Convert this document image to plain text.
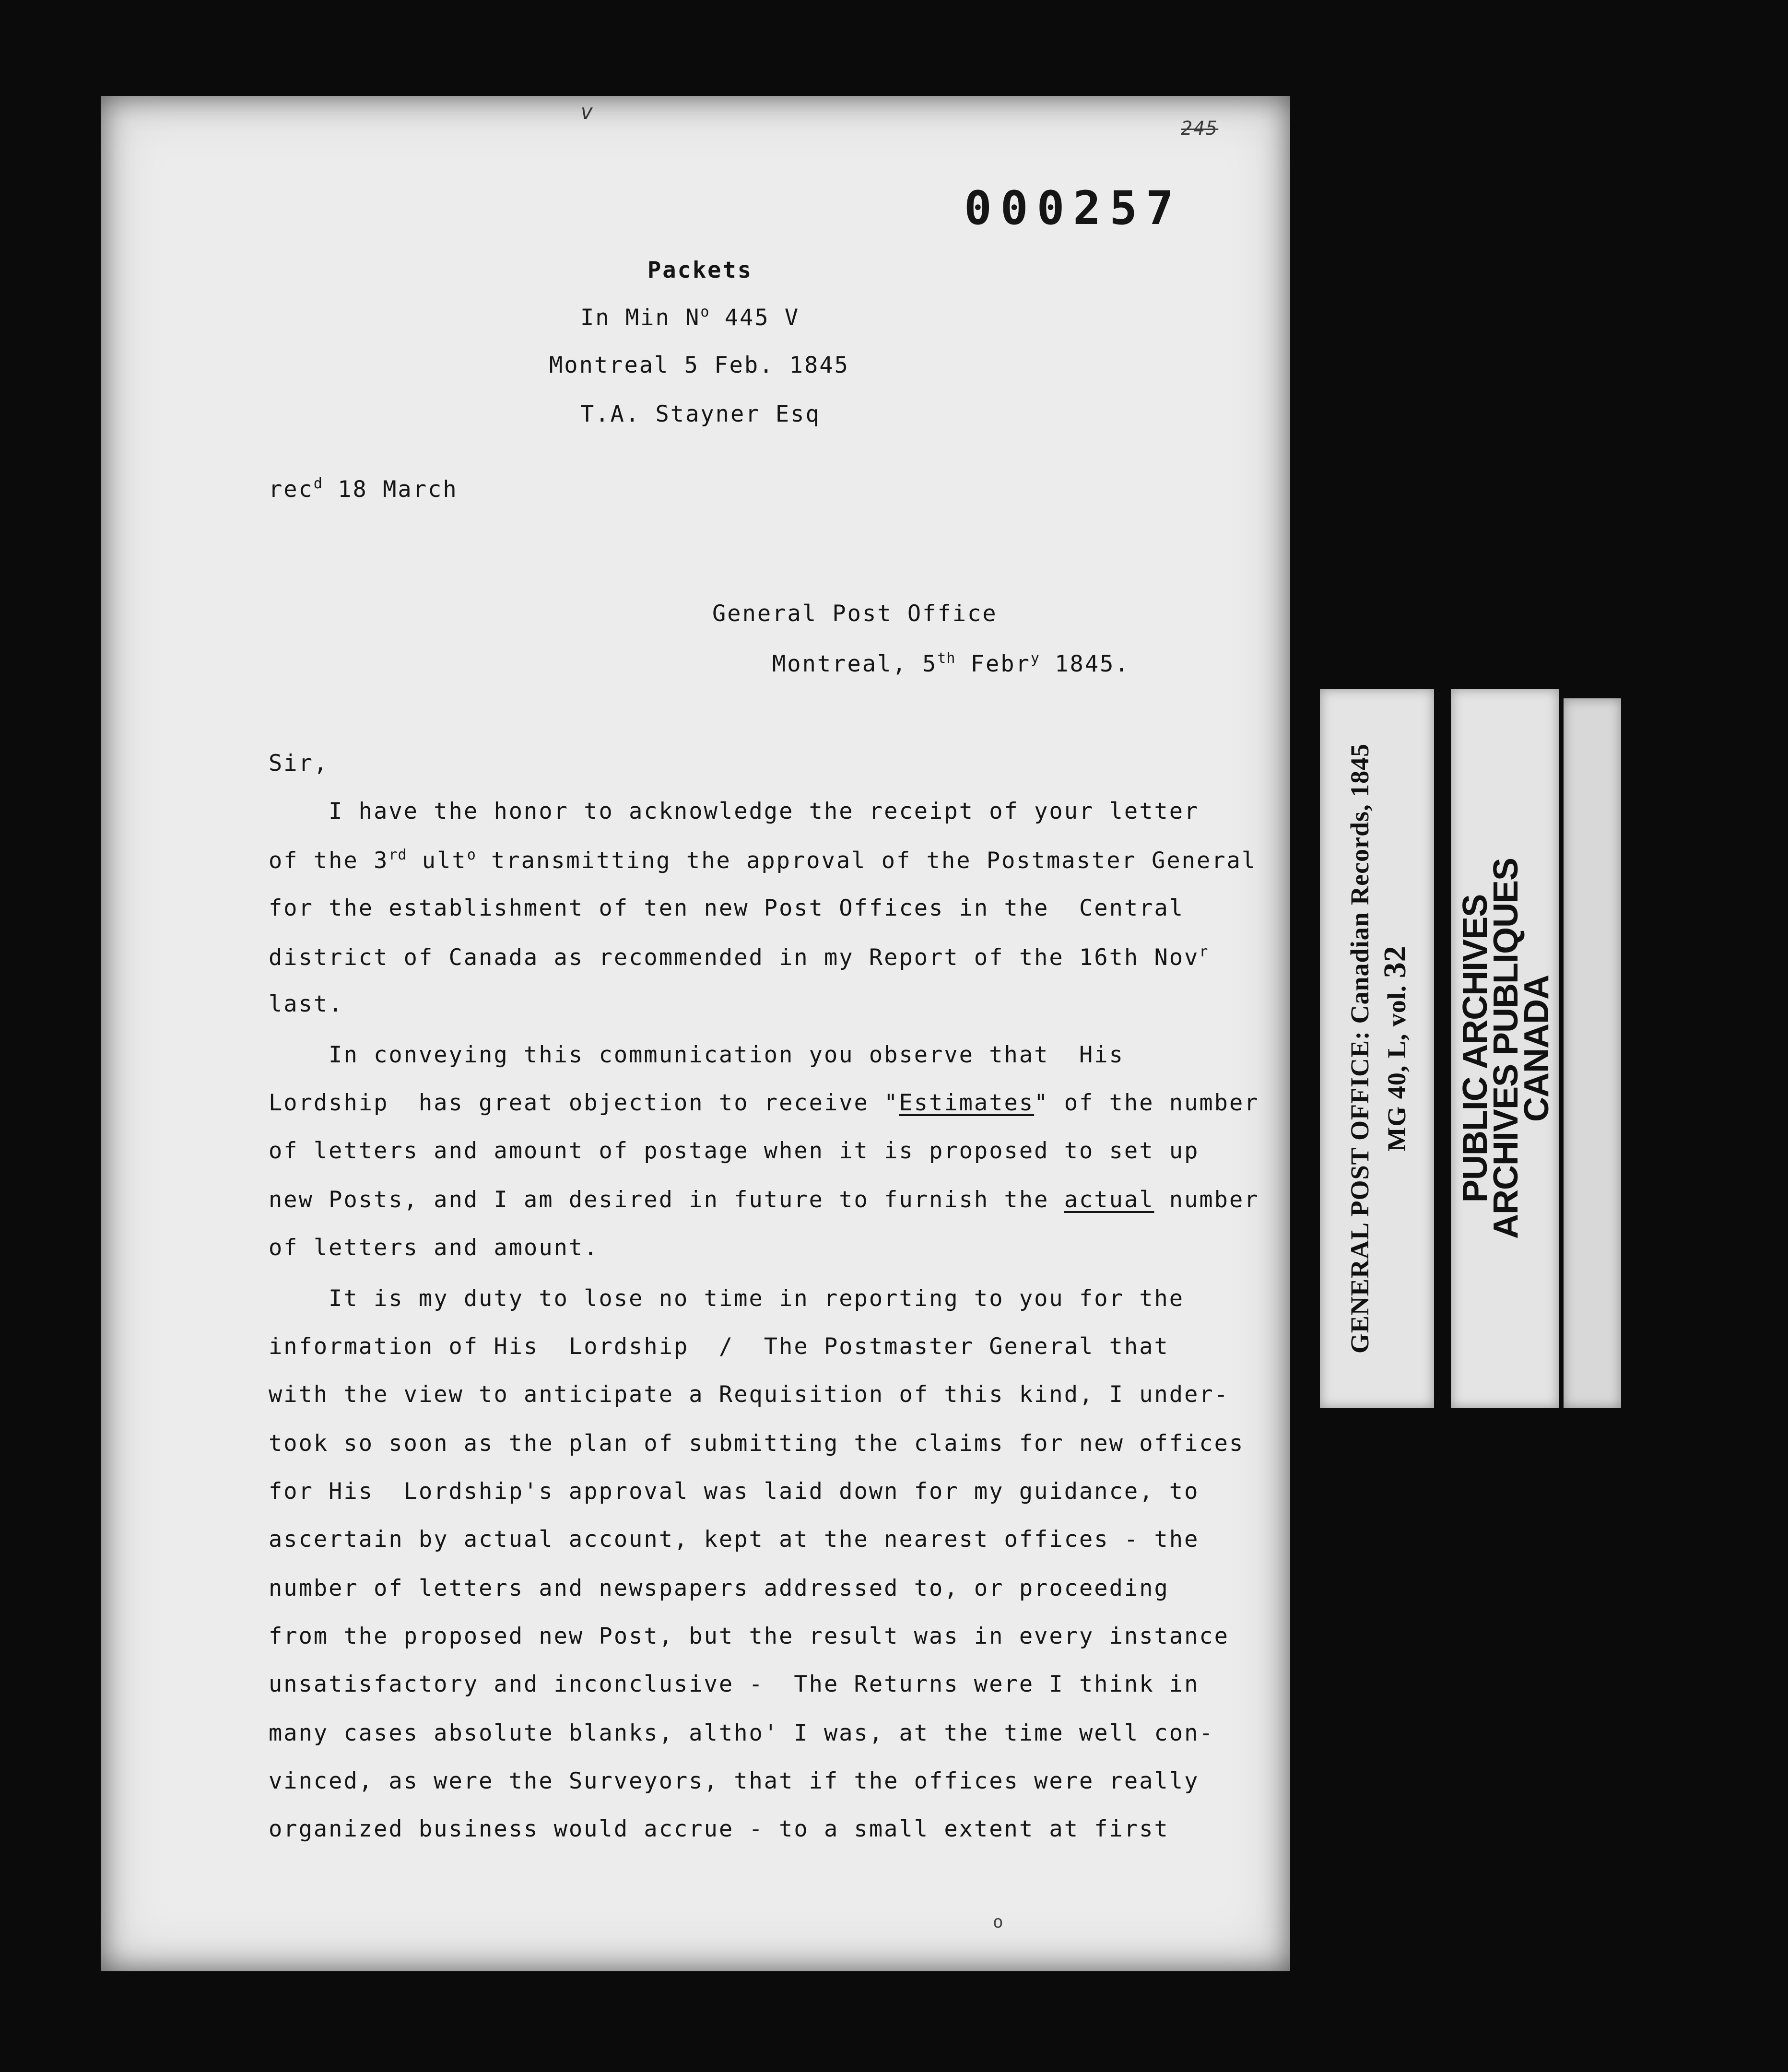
v
245
000257
Packets
In Min $N^o$ 445 V
Montreal 5 Feb. 1845
T.A. Stayner Esq
rec$^d$ 18 March
General Post Office
Montreal, 5th Febr$^y$ 1845.
Sir,
I have the honor to acknowledge the receipt of your letter
of the 3rd ult$^o$ transmitting the approval of the Postmaster General
for the establishment of ten new Post Offices in the  Central
district of Canada as recommended in my Report of the 16th Nov$^r$
last.
In conveying this communication you observe that  His
Lordship  has great objection to receive "Estimates" of the number
of letters and amount of postage when it is proposed to set up
new Posts, and I am desired in future to furnish the actual number
of letters and amount.
It is my duty to lose no time in reporting to you for the
information of His  Lordship  /  The Postmaster General that
with the view to anticipate a Requisition of this kind, I under-
took so soon as the plan of submitting the claims for new offices
for His  Lordship's approval was laid down for my guidance, to
ascertain by actual account, kept at the nearest offices - the
number of letters and newspapers addressed to, or proceeding
from the proposed new Post, but the result was in every instance
unsatisfactory and inconclusive -  The Returns were I think in
many cases absolute blanks, altho' I was, at the time well con-
vinced, as were the Surveyors, that if the offices were really
organized business would accrue - to a small extent at first
o
GENERAL POST OFFICE: Canadian Records, 1845 MG 40, L, vol. 32 PUBLIC ARCHIVES
ARCHIVES PUBLIQUES
CANADA
